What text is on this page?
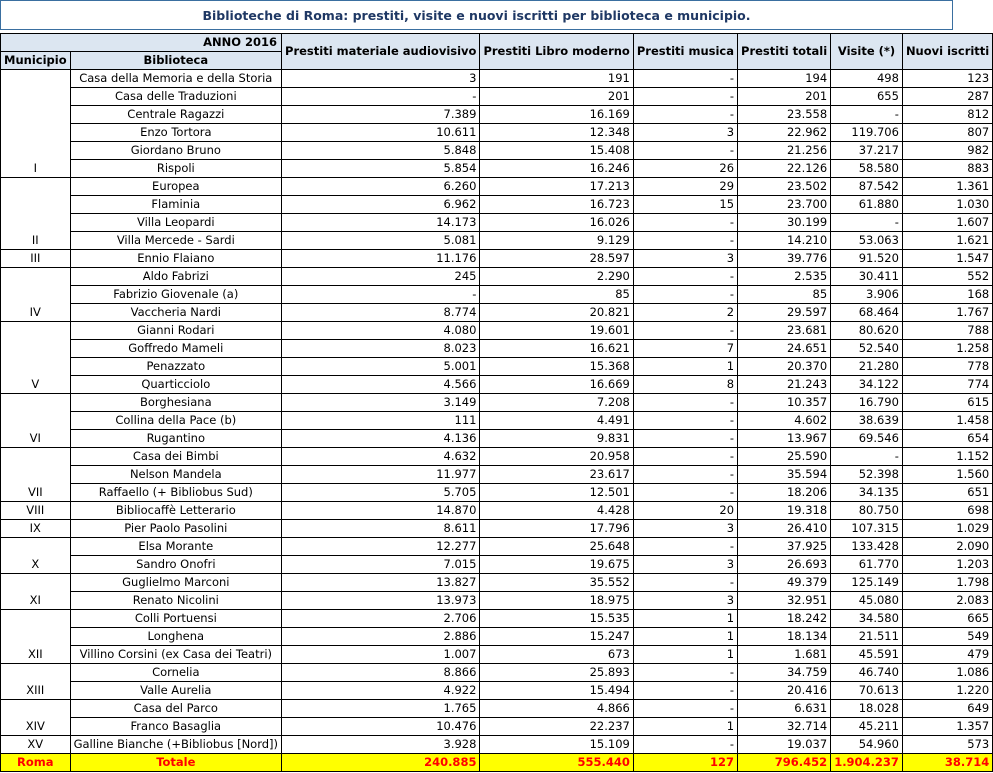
Biblioteche di Roma: prestiti, visite e nuovi iscritti per biblioteca e municipio.
ANNO 2016		Prestiti materiale audiovisivo	Prestiti Libro moderno	Prestiti musica	Prestiti totali	Visite (*)	Nuovi iscritti
Municipio	Biblioteca						
I	Casa della Memoria e della Storia	3	191	-	194	498	123
	Casa delle Traduzioni	-	201	-	201	655	287
	Centrale Ragazzi	7.389	16.169	-	23.558	-	812
	Enzo Tortora	10.611	12.348	3	22.962	119.706	807
	Giordano Bruno	5.848	15.408	-	21.256	37.217	982
	Rispoli	5.854	16.246	26	22.126	58.580	883
II	Europea	6.260	17.213	29	23.502	87.542	1.361
	Flaminia	6.962	16.723	15	23.700	61.880	1.030
	Villa Leopardi	14.173	16.026	-	30.199	-	1.607
	Villa Mercede - Sardi	5.081	9.129	-	14.210	53.063	1.621
III	Ennio Flaiano	11.176	28.597	3	39.776	91.520	1.547
IV	Aldo Fabrizi	245	2.290	-	2.535	30.411	552
	Fabrizio Giovenale (a)	-	85	-	85	3.906	168
	Vaccheria Nardi	8.774	20.821	2	29.597	68.464	1.767
V	Gianni Rodari	4.080	19.601	-	23.681	80.620	788
	Goffredo Mameli	8.023	16.621	7	24.651	52.540	1.258
	Penazzato	5.001	15.368	1	20.370	21.280	778
	Quarticciolo	4.566	16.669	8	21.243	34.122	774
VI	Borghesiana	3.149	7.208	-	10.357	16.790	615
	Collina della Pace (b)	111	4.491	-	4.602	38.639	1.458
	Rugantino	4.136	9.831	-	13.967	69.546	654
VII	Casa dei Bimbi	4.632	20.958	-	25.590	-	1.152
	Nelson Mandela	11.977	23.617	-	35.594	52.398	1.560
	Raffaello (+ Bibliobus Sud)	5.705	12.501	-	18.206	34.135	651
VIII	Bibliocaffè Letterario	14.870	4.428	20	19.318	80.750	698
IX	Pier Paolo Pasolini	8.611	17.796	3	26.410	107.315	1.029
X	Elsa Morante	12.277	25.648	-	37.925	133.428	2.090
	Sandro Onofri	7.015	19.675	3	26.693	61.770	1.203
XI	Guglielmo Marconi	13.827	35.552	-	49.379	125.149	1.798
	Renato Nicolini	13.973	18.975	3	32.951	45.080	2.083
XII	Colli Portuensi	2.706	15.535	1	18.242	34.580	665
	Longhena	2.886	15.247	1	18.134	21.511	549
	Villino Corsini (ex Casa dei Teatri)	1.007	673	1	1.681	45.591	479
XIII	Cornelia	8.866	25.893	-	34.759	46.740	1.086
	Valle Aurelia	4.922	15.494	-	20.416	70.613	1.220
XIV	Casa del Parco	1.765	4.866	-	6.631	18.028	649
	Franco Basaglia	10.476	22.237	1	32.714	45.211	1.357
XV	Galline Bianche (+Bibliobus [Nord])	3.928	15.109	-	19.037	54.960	573
Roma	Totale	240.885	555.440	127	796.452	1.904.237	38.714
